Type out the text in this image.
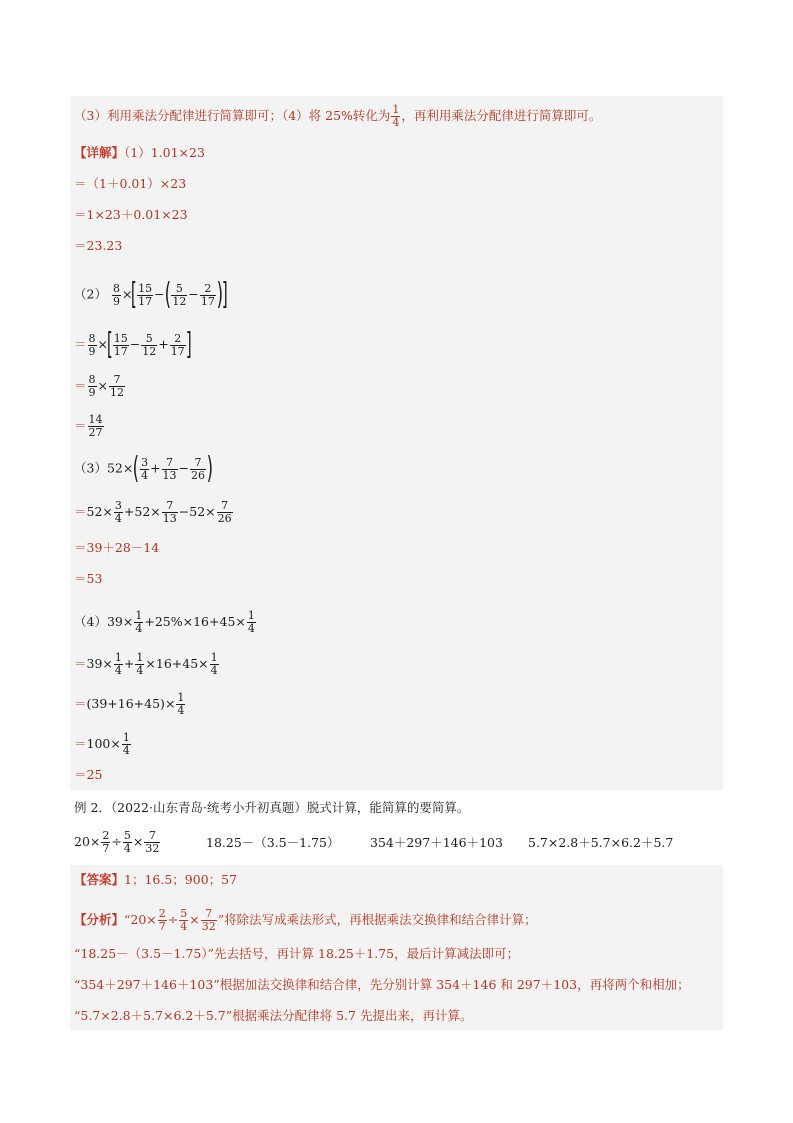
（3）利用乘法分配律进行简算即可；（4）将 25%转化为 $\frac{1}{4}$ ，再利用乘法分配律进行简算即可。
【详解】（1）1.01×23
＝（1＋0.01）×23
＝1×23＋0.01×23
＝23.23
$(2) \frac{8}{9}$ ×[ $\frac{15}{17}$ −( $\frac{5}{12} - \frac{2}{17}$ )]
＝ $\frac{8}{9}$ ×[ $\frac{15}{17} - \frac{5}{12} + \frac{2}{17}$ ]
＝ $\frac{8}{9} \times \frac{7}{12}$
＝ $\frac{14}{27}$
$(3)52\times( \frac{3}{4} + \frac{7}{13} - \frac{7}{26}$ )
$=52\times \frac{3}{4} +52\times \frac{7}{13} -52\times \frac{7}{26}$
＝39＋28－14
＝53
$(4)39\times \frac{1}{4} +25\%\times 16+45\times \frac{1}{4}$
$=39\times \frac{1}{4} + \frac{1}{4} \times 16+45\times \frac{1}{4}$
$=(39+16+45)\times \frac{1}{4}$
$=100\times \frac{1}{4}$
＝25
例 2．（2022·山东青岛·统考小升初真题）脱式计算，能简算的要简算。
$20\times \frac{2}{7} \div \frac{5}{4} \times \frac{7}{32}$	18.25－（3.5－1.75） 354＋297＋146＋103 5.7×2.8＋5.7×6.2＋5.7
【答案】1；16.5；900；57
【分析】“$20\times \frac{2}{7} \div \frac{5}{4} \times \frac{7}{32}$ ”将除法写成乘法形式，再根据乘法交换律和结合律计算；
“18.25－（3.5－1.75）”先去括号，再计算 18.25＋1.75，最后计算减法即可；
“354＋297＋146＋103”根据加法交换律和结合律，先分别计算 354＋146 和 297＋103，再将两个和相加；
“5.7×2.8＋5.7×6.2＋5.7”根据乘法分配律将 5.7 先提出来，再计算。
